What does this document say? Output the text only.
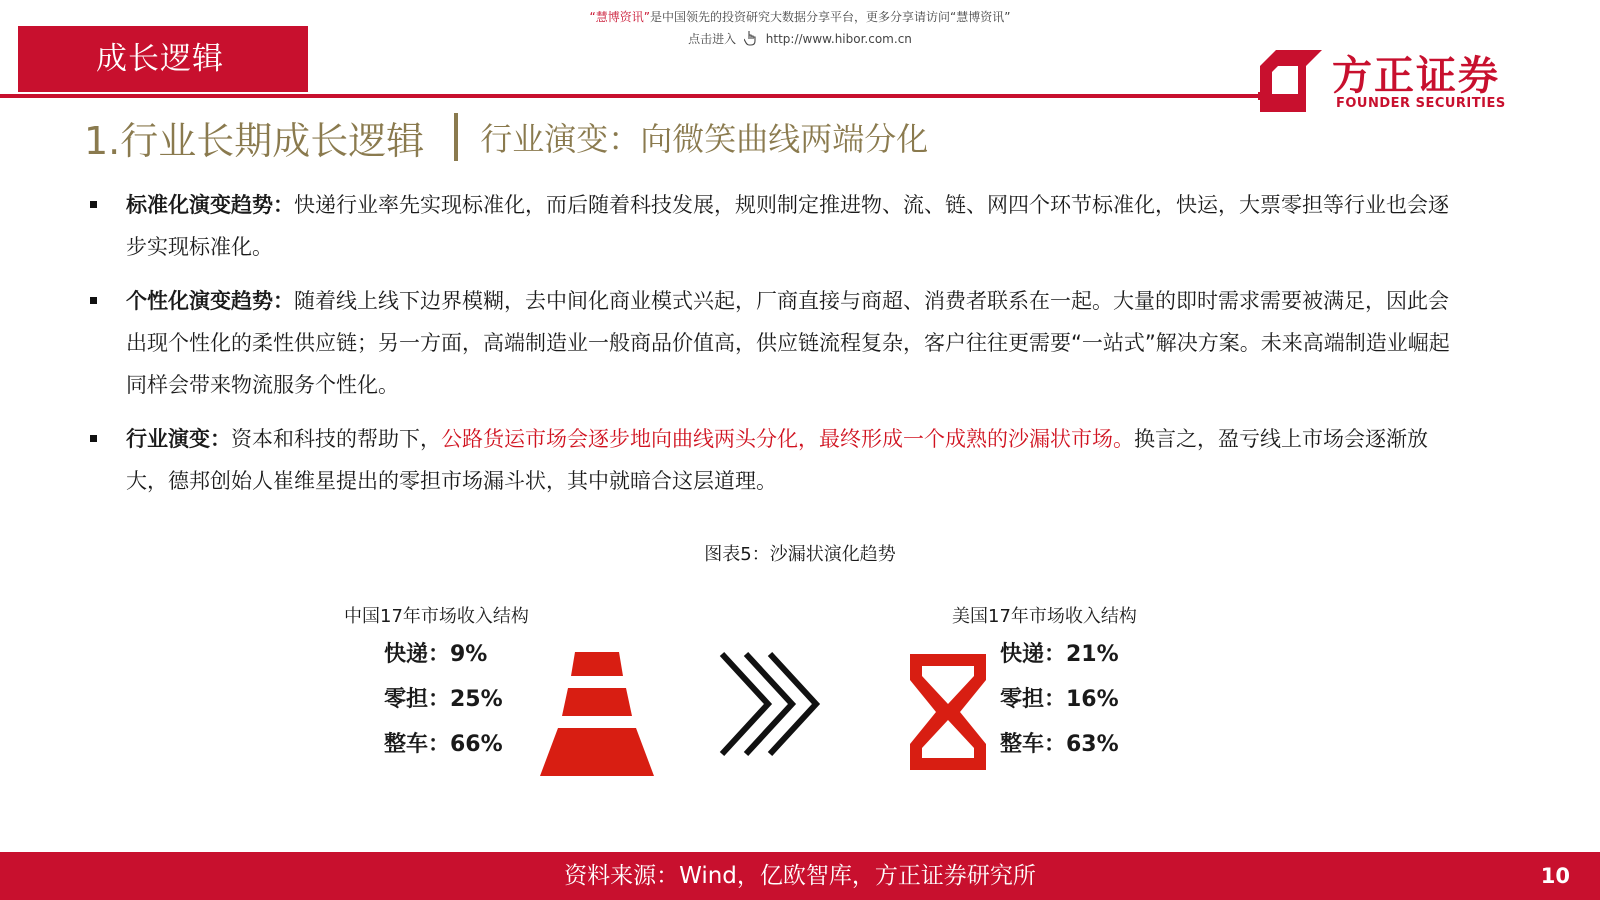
“慧博资讯”是中国领先的投资研究大数据分享平台，更多分享请访问“慧博资讯”
点击进入 http://www.hibor.com.cn
成长逻辑	方正证券
FOUNDER SECURITIES
1.行业长期成长逻辑 行业演变：向微笑曲线两端分化
标准化演变趋势：快递行业率先实现标准化，而后随着科技发展，规则制定推进物、流、链、网四个环节标准化，快运，大票零担等行业也会逐步实现标准化。
个性化演变趋势：随着线上线下边界模糊，去中间化商业模式兴起，厂商直接与商超、消费者联系在一起。大量的即时需求需要被满足，因此会出现个性化的柔性供应链；另一方面，高端制造业一般商品价值高，供应链流程复杂，客户往往更需要“一站式”解决方案。未来高端制造业崛起同样会带来物流服务个性化。
行业演变：资本和科技的帮助下，公路货运市场会逐步地向曲线两头分化，最终形成一个成熟的沙漏状市场。换言之，盈亏线上市场会逐渐放大，德邦创始人崔维星提出的零担市场漏斗状，其中就暗合这层道理。
图表5：沙漏状演化趋势
中国17年市场收入结构
快递：9%
零担：25%
整车：66%
美国17年市场收入结构
快递：21%
零担：16%
整车：63%
资料来源：Wind，亿欧智库，方正证券研究所	10
